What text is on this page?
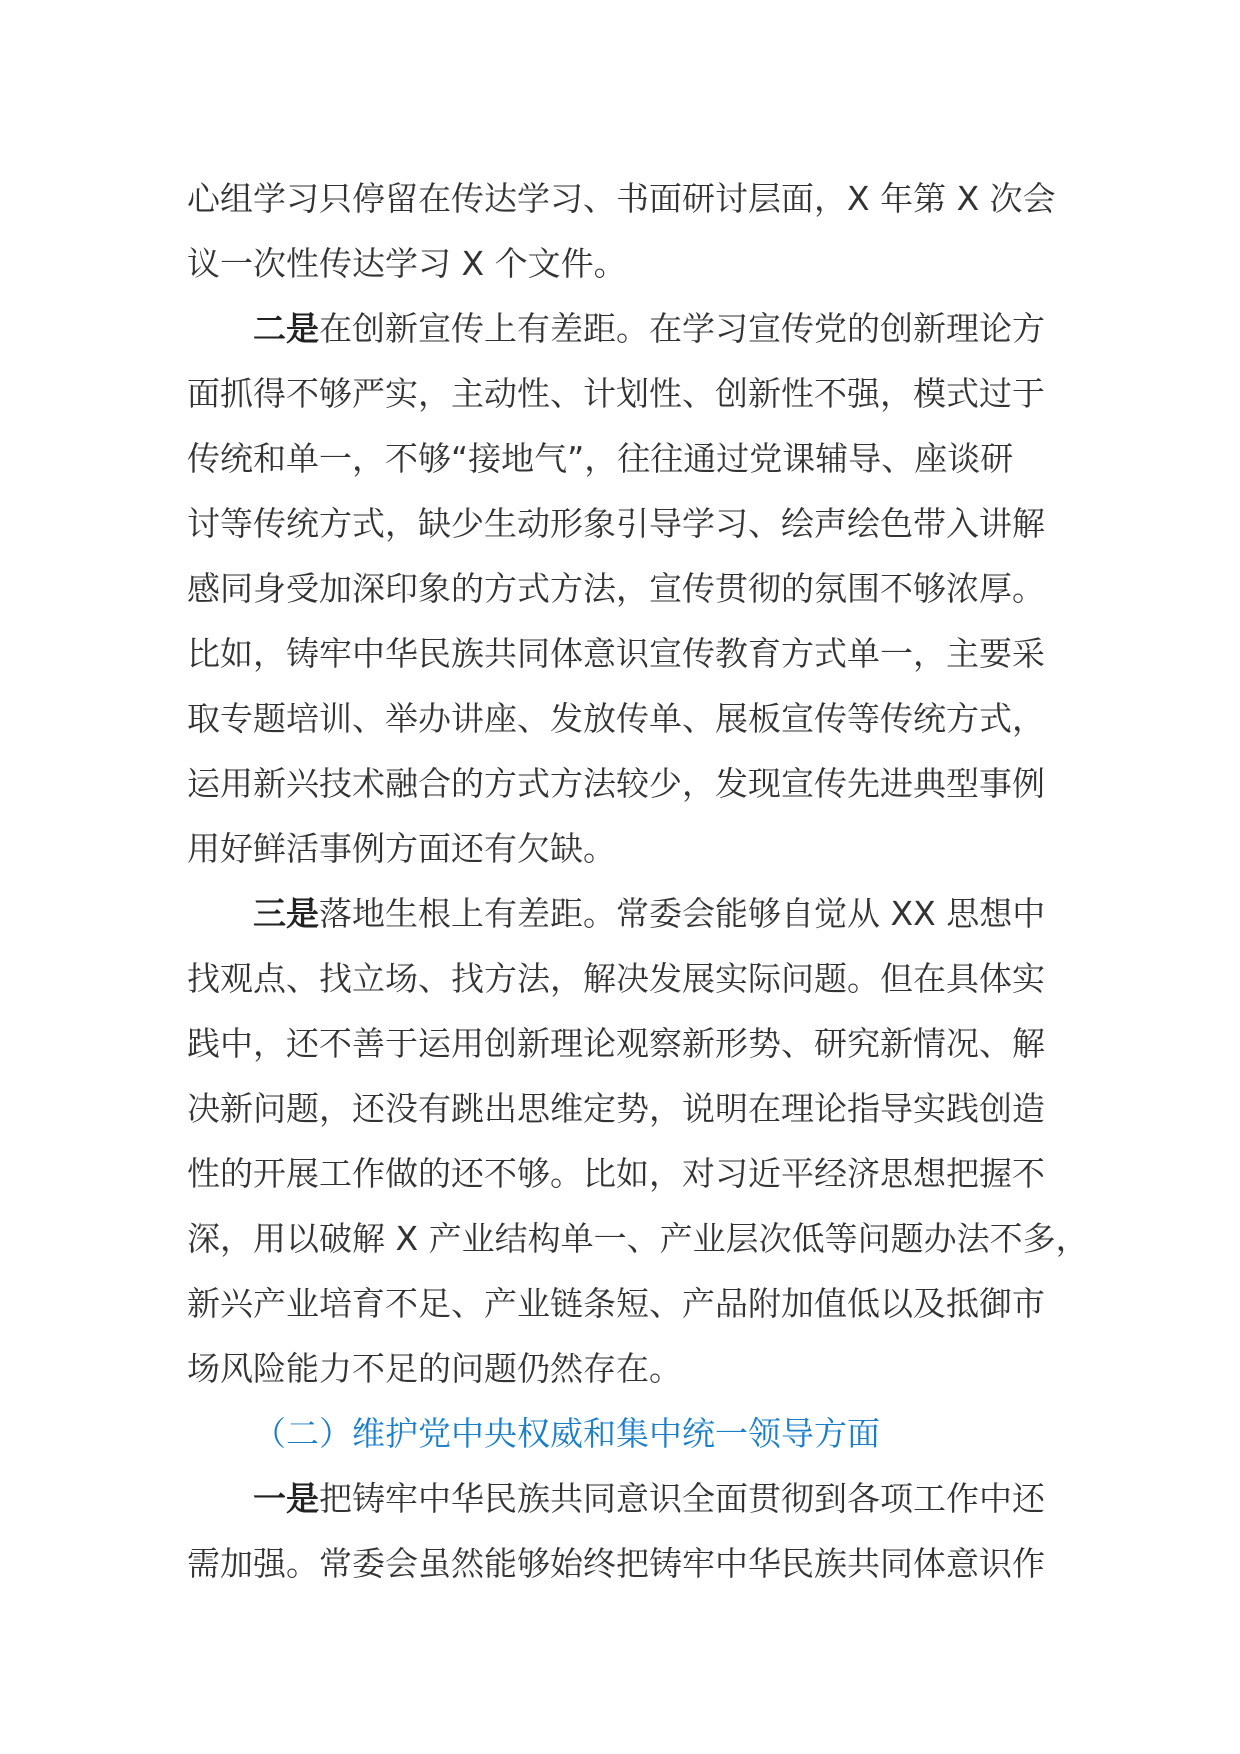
心组学习只停留在传达学习、书面研讨层面，X 年第 X 次会
议一次性传达学习 X 个文件。
二是在创新宣传上有差距。在学习宣传党的创新理论方
面抓得不够严实，主动性、计划性、创新性不强，模式过于
传统和单一，不够“接地气”，往往通过党课辅导、座谈研
讨等传统方式，缺少生动形象引导学习、绘声绘色带入讲解
感同身受加深印象的方式方法，宣传贯彻的氛围不够浓厚。
比如，铸牢中华民族共同体意识宣传教育方式单一，主要采
取专题培训、举办讲座、发放传单、展板宣传等传统方式，
运用新兴技术融合的方式方法较少，发现宣传先进典型事例
用好鲜活事例方面还有欠缺。
三是落地生根上有差距。常委会能够自觉从 XX 思想中
找观点、找立场、找方法，解决发展实际问题。但在具体实
践中，还不善于运用创新理论观察新形势、研究新情况、解
决新问题，还没有跳出思维定势，说明在理论指导实践创造
性的开展工作做的还不够。比如，对习近平经济思想把握不
深，用以破解 X 产业结构单一、产业层次低等问题办法不多，
新兴产业培育不足、产业链条短、产品附加值低以及抵御市
场风险能力不足的问题仍然存在。
（二）维护党中央权威和集中统一领导方面
一是把铸牢中华民族共同意识全面贯彻到各项工作中还
需加强。常委会虽然能够始终把铸牢中华民族共同体意识作
